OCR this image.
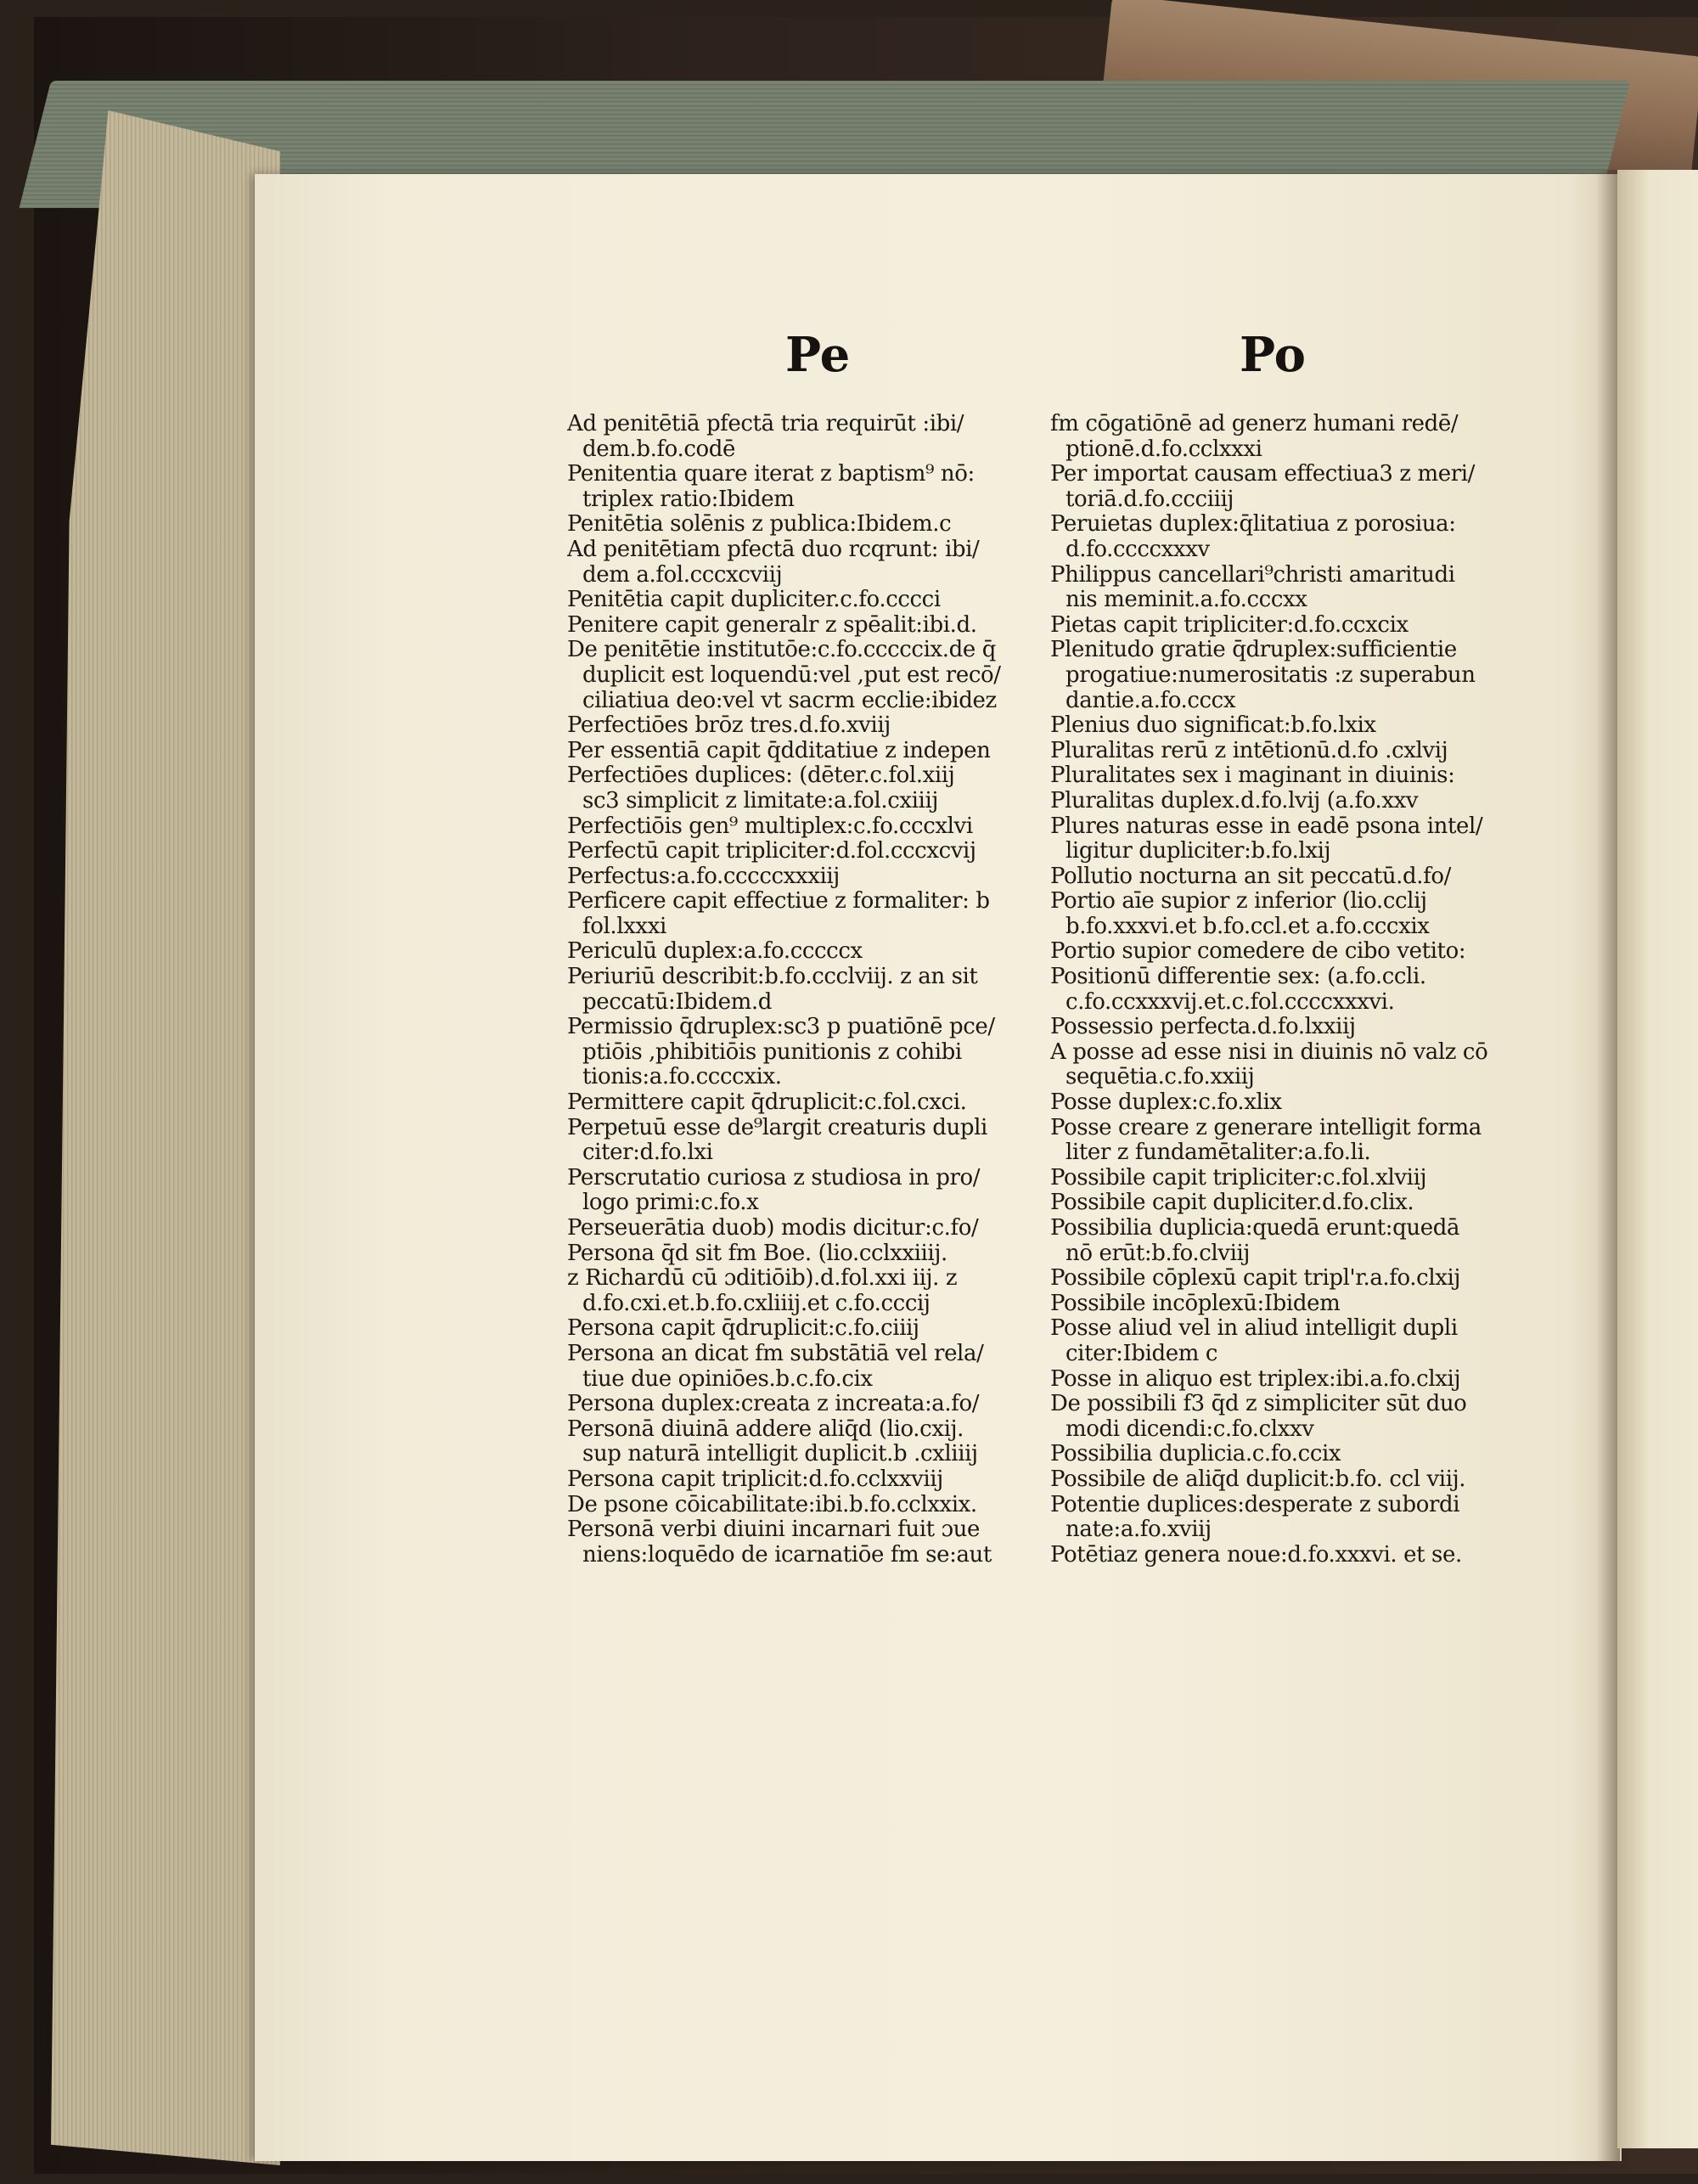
Pe	Po
Ad penitētiā pfectā tria requirūt :ibi/
dem.b.fo.codē
Penitentia quare iterat z baptism⁹ nō:
triplex ratio:Ibidem
Penitētia solēnis z publica:Ibidem.c
Ad penitētiam pfectā duo rcqrunt: ibi/
dem a.fol.cccxcviij
Penitētia capit dupliciter.c.fo.cccci
Penitere capit generalr z spēalit:ibi.d.
De penitētie institutōe:c.fo.cccccix.de q̄
duplicit est loquendū:vel ,put est recō/
ciliatiua deo:vel vt sacrm ecclie:ibidez
Perfectiōes brōz tres.d.fo.xviij
Per essentiā capit q̄dditatiue z indepen
Perfectiōes duplices: (dēter.c.fol.xiij
sc3 simplicit z limitate:a.fol.cxiiij
Perfectiōis gen⁹ multiplex:c.fo.cccxlvi
Perfectū capit tripliciter:d.fol.cccxcvij
Perfectus:a.fo.cccccxxxiij
Perficere capit effectiue z formaliter: b
fol.lxxxi
Periculū duplex:a.fo.cccccx
Periuriū describit:b.fo.ccclviij. z an sit
peccatū:Ibidem.d
Permissio q̄druplex:sc3 p puatiōnē pce/
ptiōis ,phibitiōis punitionis z cohibi
tionis:a.fo.ccccxix.
Permittere capit q̄druplicit:c.fol.cxci.
Perpetuū esse de⁹largit creaturis dupli
citer:d.fo.lxi
Perscrutatio curiosa z studiosa in pro/
logo primi:c.fo.x
Perseuerātia duob) modis dicitur:c.fo/
Persona q̄d sit fm Boe. (lio.cclxxiiij.
z Richardū cū ɔditiōib).d.fol.xxi iij. z
d.fo.cxi.et.b.fo.cxliiij.et c.fo.cccij
Persona capit q̄druplicit:c.fo.ciiij
Persona an dicat fm substātiā vel rela/
tiue due opiniōes.b.c.fo.cix
Persona duplex:creata z increata:a.fo/
Personā diuinā addere aliq̄d (lio.cxij.
sup naturā intelligit duplicit.b .cxliiij
Persona capit triplicit:d.fo.cclxxviij
De psone cōicabilitate:ibi.b.fo.cclxxix.
Personā verbi diuini incarnari fuit ɔue
niens:loquēdo de icarnatiōe fm se:aut
fm cōgatiōnē ad generz humani redē/
ptionē.d.fo.cclxxxi
Per importat causam effectiua3 z meri/
toriā.d.fo.ccciiij
Peruietas duplex:q̄litatiua z porosiua:
d.fo.ccccxxxv
Philippus cancellari⁹christi amaritudi
nis meminit.a.fo.cccxx
Pietas capit tripliciter:d.fo.ccxcix
Plenitudo gratie q̄druplex:sufficientie
progatiue:numerositatis :z superabun
dantie.a.fo.cccx
Plenius duo significat:b.fo.lxix
Pluralitas rerū z intētionū.d.fo .cxlvij
Pluralitates sex i maginant in diuinis:
Pluralitas duplex.d.fo.lvij (a.fo.xxv
Plures naturas esse in eadē psona intel/
ligitur dupliciter:b.fo.lxij
Pollutio nocturna an sit peccatū.d.fo/
Portio aīe supior z inferior (lio.cclij
b.fo.xxxvi.et b.fo.ccl.et a.fo.cccxix
Portio supior comedere de cibo vetito:
Positionū differentie sex: (a.fo.ccli.
c.fo.ccxxxvij.et.c.fol.ccccxxxvi.
Possessio perfecta.d.fo.lxxiij
A posse ad esse nisi in diuinis nō valz cō
sequētia.c.fo.xxiij
Posse duplex:c.fo.xlix
Posse creare z generare intelligit forma
liter z fundamētaliter:a.fo.li.
Possibile capit tripliciter:c.fol.xlviij
Possibile capit dupliciter.d.fo.clix.
Possibilia duplicia:quedā erunt:quedā
nō erūt:b.fo.clviij
Possibile cōplexū capit tripl'r.a.fo.clxij
Possibile incōplexū:Ibidem
Posse aliud vel in aliud intelligit dupli
citer:Ibidem c
Posse in aliquo est triplex:ibi.a.fo.clxij
De possibili f3 q̄d z simpliciter sūt duo
modi dicendi:c.fo.clxxv
Possibilia duplicia.c.fo.ccix
Possibile de aliq̄d duplicit:b.fo. ccl viij.
Potentie duplices:desperate z subordi
nate:a.fo.xviij
Potētiaz genera noue:d.fo.xxxvi. et se.
